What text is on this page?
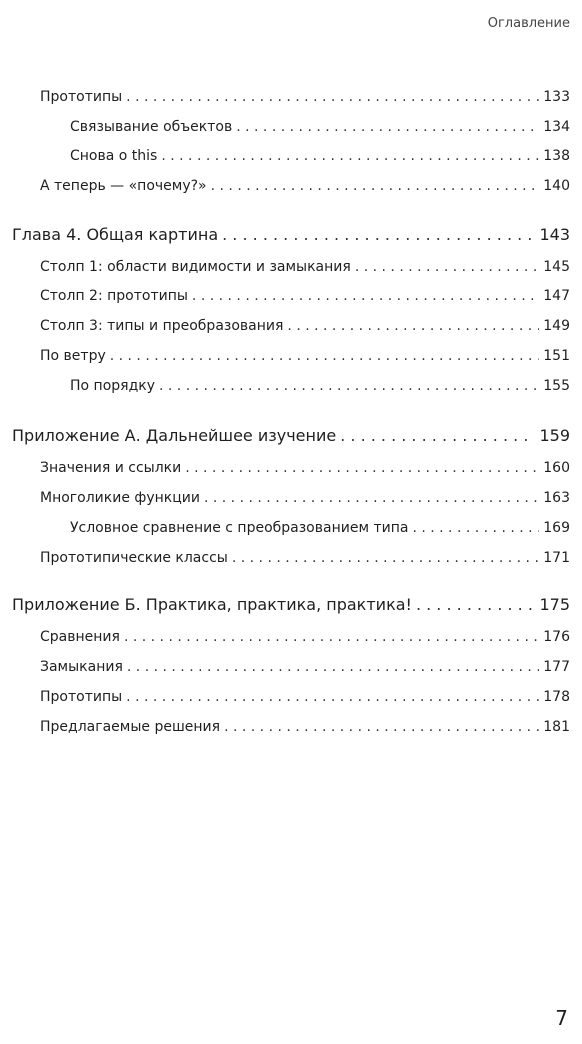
Оглавление
Прототипы . . .	133
Связывание объектов . . .	134
Снова о this . . .	138
А теперь — «почему?» . . .	140
Глава 4. Общая картина . . .	143
Столп 1: области видимости и замыкания . . .	145
Столп 2: прототипы . . .	147
Столп 3: типы и преобразования . . .	149
По ветру . . .	151
По порядку . . .	155
Приложение А. Дальнейшее изучение . . .	159
Значения и ссылки . . .	160
Многоликие функции . . .	163
Условное сравнение с преобразованием типа . . .	169
Прототипические классы . . .	171
Приложение Б. Практика, практика, практика! . . .	175
Сравнения . . .	176
Замыкания . . .	177
Прототипы . . .	178
Предлагаемые решения . . .	181
7
